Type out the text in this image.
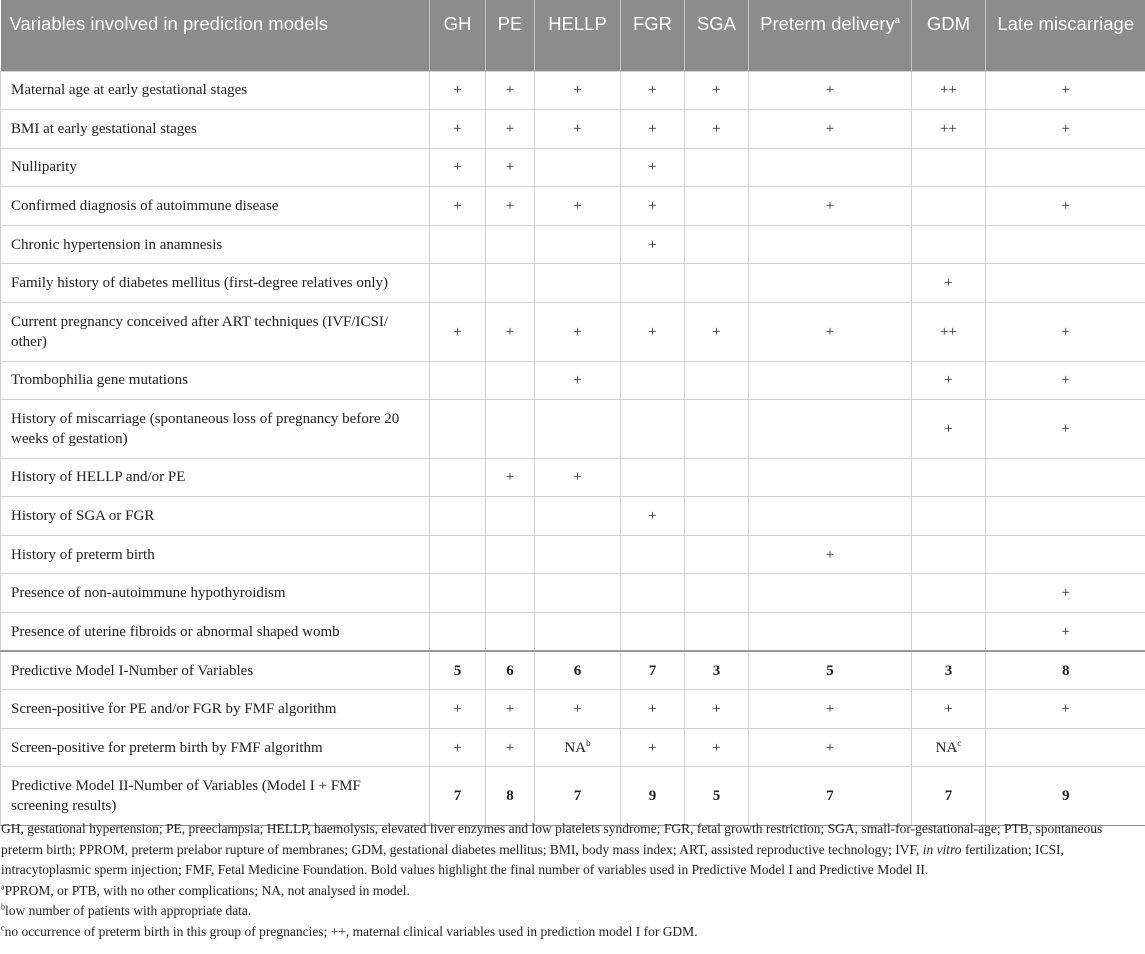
Variables involved in prediction models	GH	PE	HELLP	FGR	SGA	Preterm delivery$^a$	GDM	Late miscarriage
Maternal age at early gestational stages	+	+	+	+	+	+	++	+
BMI at early gestational stages	+	+	+	+	+	+	++	+
Nulliparity	+	+		+				
Confirmed diagnosis of autoimmune disease	+	+	+	+		+		+
Chronic hypertension in anamnesis				+				
Family history of diabetes mellitus (first-degree relatives only)							+	
Current pregnancy conceived after ART techniques (IVF/ICSI/ other)	+	+	+	+	+	+	++	+
Trombophilia gene mutations			+				+	+
History of miscarriage (spontaneous loss of pregnancy before 20 weeks of gestation)							+	+
History of HELLP and/or PE		+	+					
History of SGA or FGR				+				
History of preterm birth						+		
Presence of non-autoimmune hypothyroidism								+
Presence of uterine fibroids or abnormal shaped womb								+
Predictive Model I-Number of Variables	5	6	6	7	3	5	3	8
Screen-positive for PE and/or FGR by FMF algorithm	+	+	+	+	+	+	+	+
Screen-positive for preterm birth by FMF algorithm	+	+	$NA^b$	+	+	+	$NA^c$	
Predictive Model II-Number of Variables (Model I + FMF screening results)	7	8	7	9	5	7	7	9

GH, gestational hypertension; PE, preeclampsia; HELLP, haemolysis, elevated liver enzymes and low platelets syndrome; FGR, fetal growth restriction; SGA, small-for-gestational-age; PTB, spontaneous preterm birth; PPROM, preterm prelabor rupture of membranes; GDM, gestational diabetes mellitus; BMI, body mass index; ART, assisted reproductive technology; IVF, in vitro fertilization; ICSI, intracytoplasmic sperm injection; FMF, Fetal Medicine Foundation. Bold values highlight the final number of variables used in Predictive Model I and Predictive Model II.

$^a$PPROM, or PTB, with no other complications; NA, not analysed in model.

$^b$low number of patients with appropriate data.

$^c$no occurrence of preterm birth in this group of pregnancies; ++, maternal clinical variables used in prediction model I for GDM.
